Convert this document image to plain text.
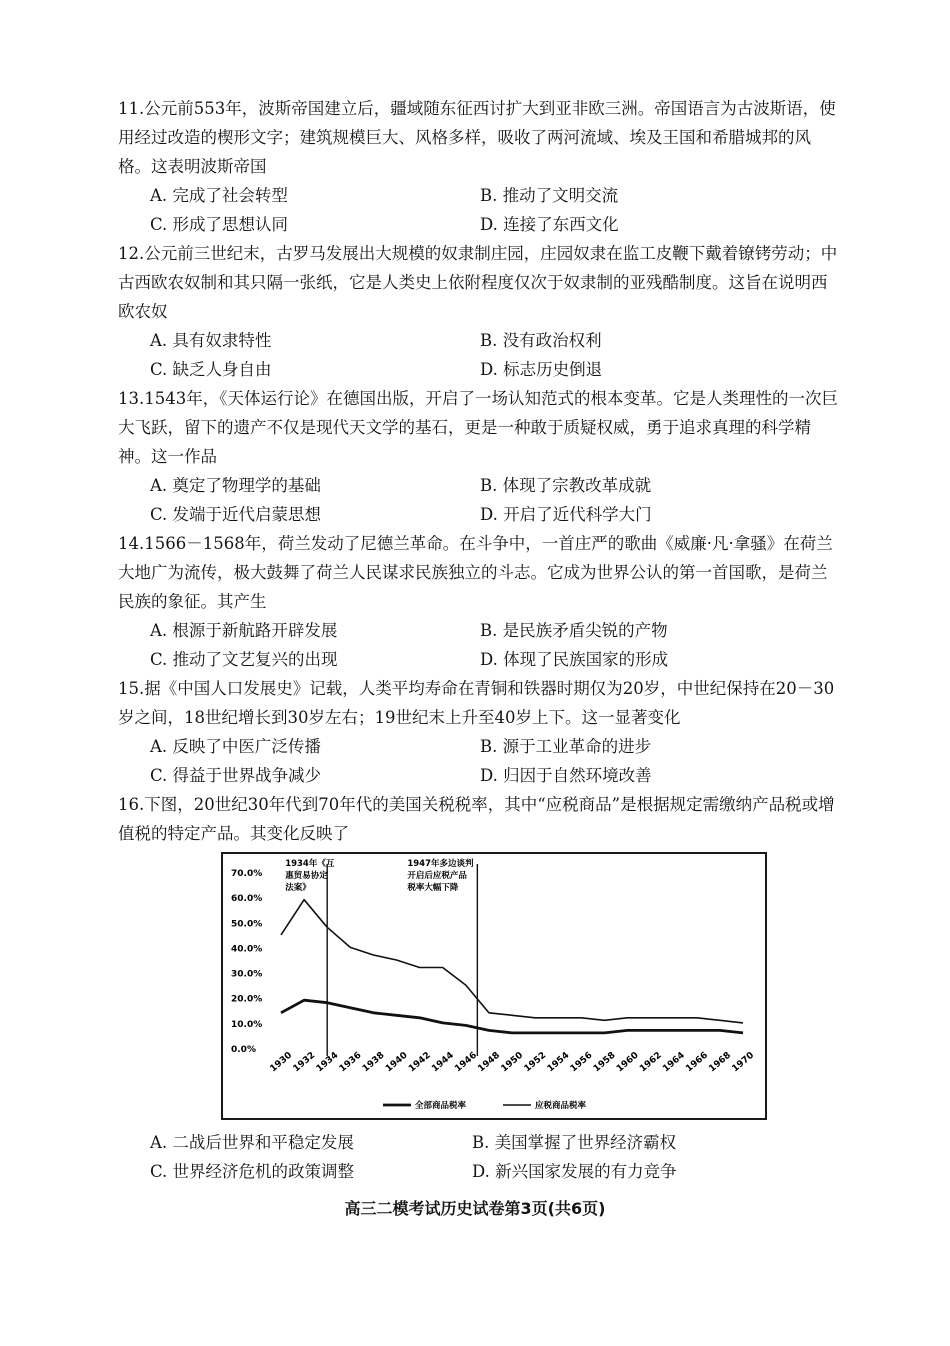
11.公元前553年，波斯帝国建立后，疆域随东征西讨扩大到亚非欧三洲。帝国语言为古波斯语，使用经过改造的楔形文字；建筑规模巨大、风格多样，吸收了两河流域、埃及王国和希腊城邦的风格。这表明波斯帝国
A. 完成了社会转型	B. 推动了文明交流
C. 形成了思想认同	D. 连接了东西文化
12.公元前三世纪末，古罗马发展出大规模的奴隶制庄园，庄园奴隶在监工皮鞭下戴着镣铐劳动；中古西欧农奴制和其只隔一张纸，它是人类史上依附程度仅次于奴隶制的亚残酷制度。这旨在说明西欧农奴
A. 具有奴隶特性	B. 没有政治权利
C. 缺乏人身自由	D. 标志历史倒退
13.1543年，《天体运行论》在德国出版，开启了一场认知范式的根本变革。它是人类理性的一次巨大飞跃，留下的遗产不仅是现代天文学的基石，更是一种敢于质疑权威，勇于追求真理的科学精神。这一作品
A. 奠定了物理学的基础	B. 体现了宗教改革成就
C. 发端于近代启蒙思想	D. 开启了近代科学大门
14.1566－1568年，荷兰发动了尼德兰革命。在斗争中，一首庄严的歌曲《威廉·凡·拿骚》在荷兰大地广为流传，极大鼓舞了荷兰人民谋求民族独立的斗志。它成为世界公认的第一首国歌，是荷兰民族的象征。其产生
A. 根源于新航路开辟发展	B. 是民族矛盾尖锐的产物
C. 推动了文艺复兴的出现	D. 体现了民族国家的形成
15.据《中国人口发展史》记载，人类平均寿命在青铜和铁器时期仅为20岁，中世纪保持在20－30岁之间，18世纪增长到30岁左右；19世纪末上升至40岁上下。这一显著变化
A. 反映了中医广泛传播	B. 源于工业革命的进步
C. 得益于世界战争减少	D. 归因于自然环境改善
16.下图，20世纪30年代到70年代的美国关税税率，其中“应税商品”是根据规定需缴纳产品税或增值税的特定产品。其变化反映了
70.0%
60.0%
50.0%
40.0%
30.0%
20.0%
10.0%
0.0%
1930
1932
1934
1936
1938
1940
1942
1944
1946
1948
1950
1952
1954
1956
1958
1960
1962
1964
1966
1968
1970
1934年《互
惠贸易协定
法案》
1947年多边谈判
开启后应税产品
税率大幅下降
全部商品税率	应税商品税率
A. 二战后世界和平稳定发展	B. 美国掌握了世界经济霸权
C. 世界经济危机的政策调整	D. 新兴国家发展的有力竞争
高三二模考试历史试卷第3页(共6页)
